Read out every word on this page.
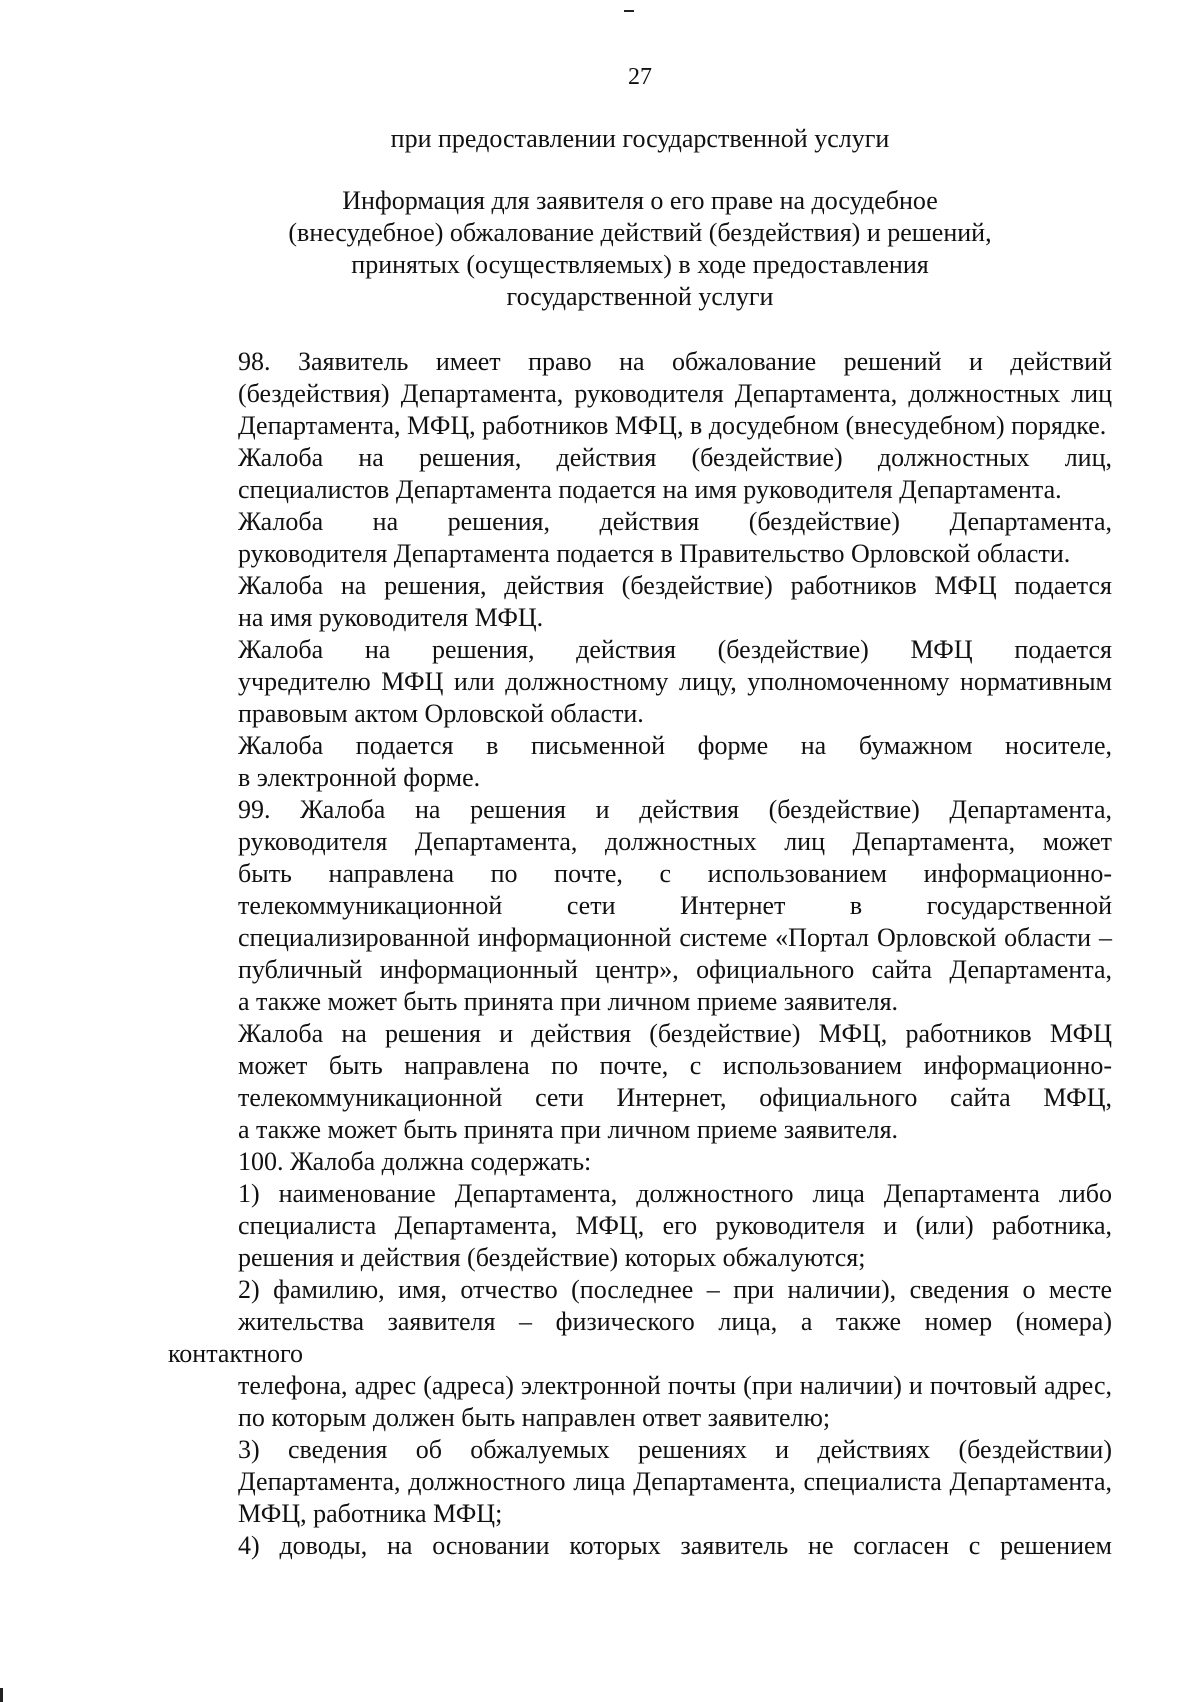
27
при предоставлении государственной услуги
Информация для заявителя о его праве на досудебное
(внесудебное) обжалование действий (бездействия) и решений,
принятых (осуществляемых) в ходе предоставления
государственной услуги

98. Заявитель имеет право на обжалование решений и действий
(бездействия) Департамента, руководителя Департамента, должностных лиц
Департамента, МФЦ, работников МФЦ, в досудебном (внесудебном) порядке.

Жалоба на решения, действия (бездействие) должностных лиц,
специалистов Департамента подается на имя руководителя Департамента.

Жалоба на решения, действия (бездействие) Департамента,
руководителя Департамента подается в Правительство Орловской области.

Жалоба на решения, действия (бездействие) работников МФЦ подается
на имя руководителя МФЦ.

Жалоба на решения, действия (бездействие) МФЦ подается
учредителю МФЦ или должностному лицу, уполномоченному нормативным
правовым актом Орловской области.

Жалоба подается в письменной форме на бумажном носителе,
в электронной форме.

99. Жалоба на решения и действия (бездействие) Департамента,
руководителя Департамента, должностных лиц Департамента, может
быть направлена по почте, с использованием информационно-
телекоммуникационной сети Интернет в государственной
специализированной информационной системе «Портал Орловской области –
публичный информационный центр», официального сайта Департамента,
а также может быть принята при личном приеме заявителя.

Жалоба на решения и действия (бездействие) МФЦ, работников МФЦ
может быть направлена по почте, с использованием информационно-
телекоммуникационной сети Интернет, официального сайта МФЦ,
а также может быть принята при личном приеме заявителя.

100. Жалоба должна содержать:

1) наименование Департамента, должностного лица Департамента либо
специалиста Департамента, МФЦ, его руководителя и (или) работника,
решения и действия (бездействие) которых обжалуются;

2) фамилию, имя, отчество (последнее – при наличии), сведения о месте
жительства заявителя – физического лица, а также номер (номера) контактного
телефона, адрес (адреса) электронной почты (при наличии) и почтовый адрес,
по которым должен быть направлен ответ заявителю;

3) сведения об обжалуемых решениях и действиях (бездействии)
Департамента, должностного лица Департамента, специалиста Департамента,
МФЦ, работника МФЦ;

4) доводы, на основании которых заявитель не согласен с решением
